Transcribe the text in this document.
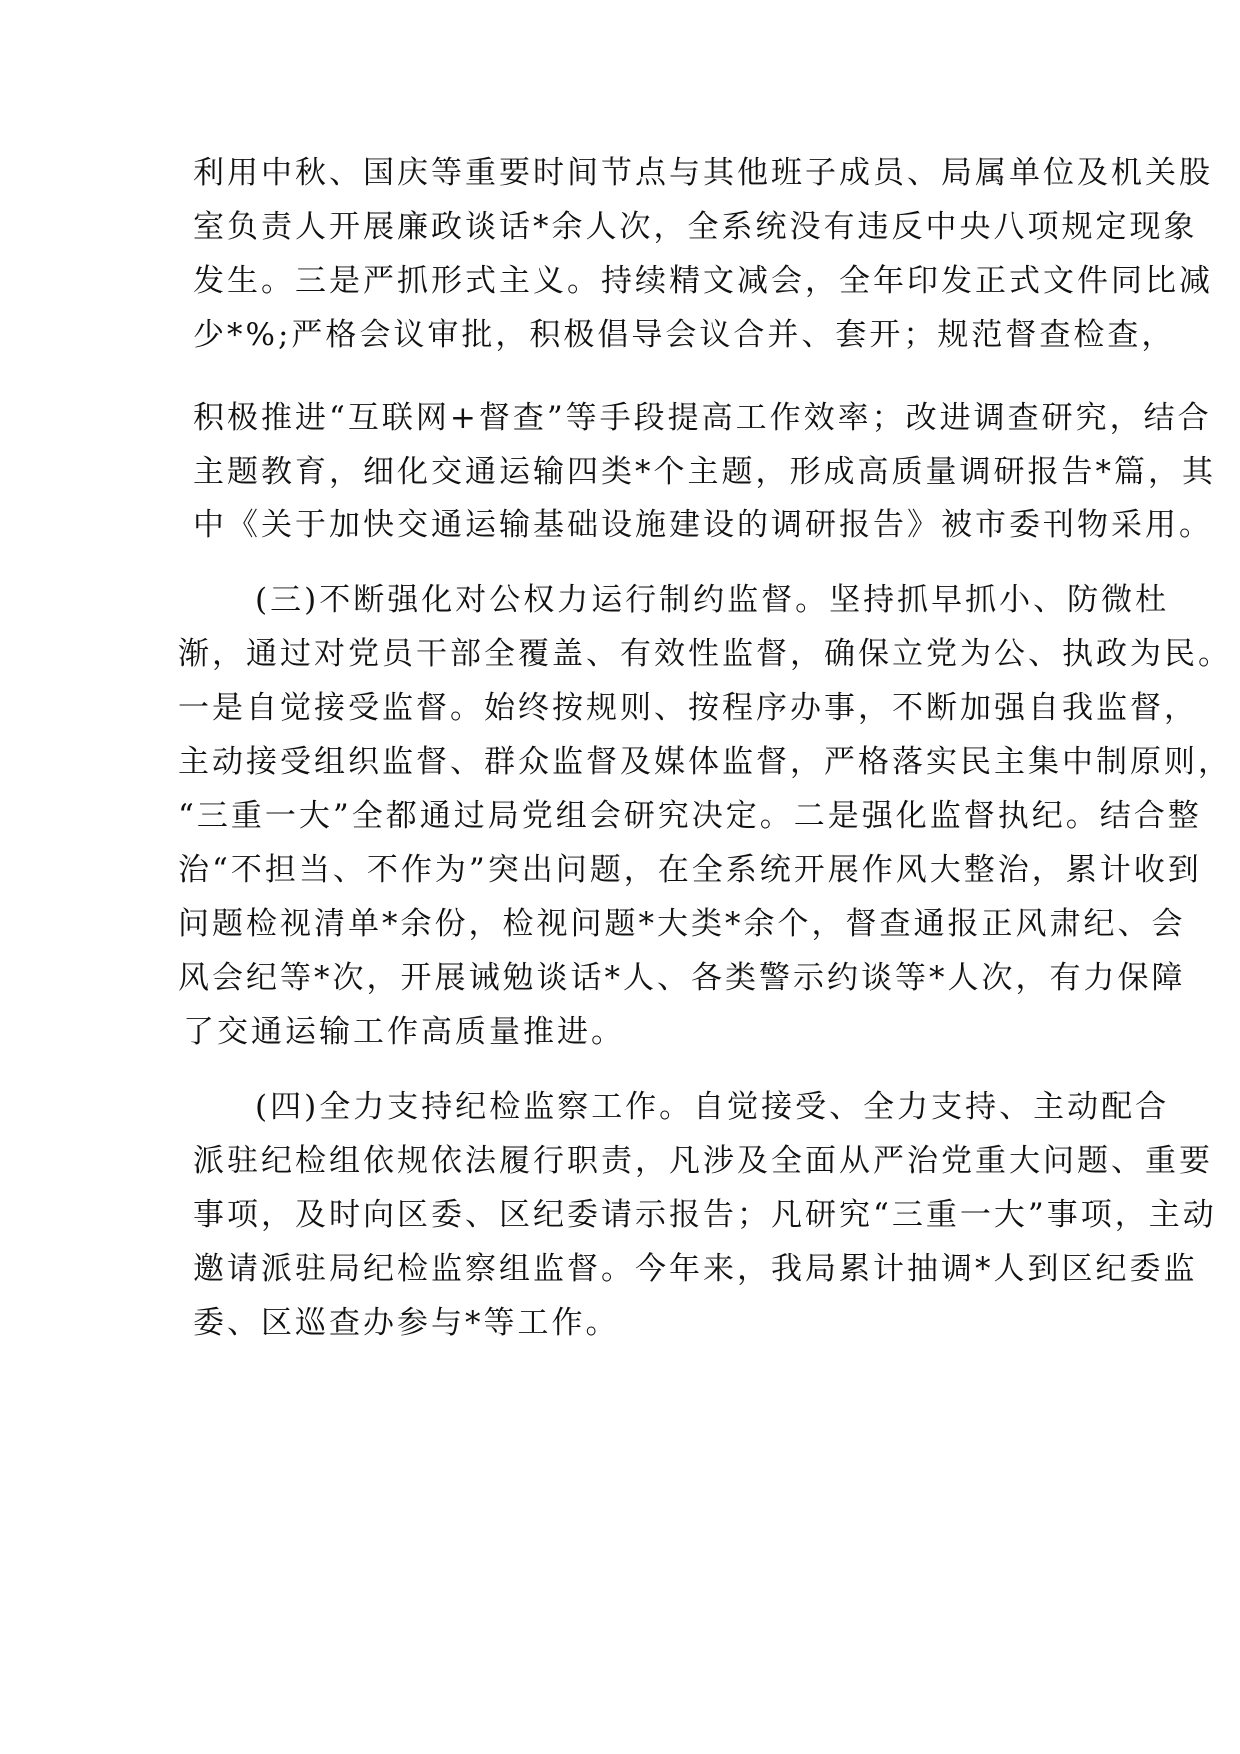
利用中秋、国庆等重要时间节点与其他班子成员、局属单位及机关股
室负责人开展廉政谈话*余人次，全系统没有违反中央八项规定现象
发生。三是严抓形式主义。持续精文减会，全年印发正式文件同比减
少*%;严格会议审批，积极倡导会议合并、套开；规范督查检查，
积极推进“互联网+督查”等手段提高工作效率；改进调查研究，结合
主题教育，细化交通运输四类*个主题，形成高质量调研报告*篇，其
中《关于加快交通运输基础设施建设的调研报告》被市委刊物采用。
(三)不断强化对公权力运行制约监督。坚持抓早抓小、防微杜
渐，通过对党员干部全覆盖、有效性监督，确保立党为公、执政为民。
一是自觉接受监督。始终按规则、按程序办事，不断加强自我监督，
主动接受组织监督、群众监督及媒体监督，严格落实民主集中制原则，
“三重一大”全都通过局党组会研究决定。二是强化监督执纪。结合整
治“不担当、不作为”突出问题，在全系统开展作风大整治，累计收到
问题检视清单*余份，检视问题*大类*余个，督查通报正风肃纪、会
风会纪等*次，开展诫勉谈话*人、各类警示约谈等*人次，有力保障
了交通运输工作高质量推进。
(四)全力支持纪检监察工作。自觉接受、全力支持、主动配合
派驻纪检组依规依法履行职责，凡涉及全面从严治党重大问题、重要
事项，及时向区委、区纪委请示报告；凡研究“三重一大”事项，主动
邀请派驻局纪检监察组监督。今年来，我局累计抽调*人到区纪委监
委、区巡查办参与*等工作。
